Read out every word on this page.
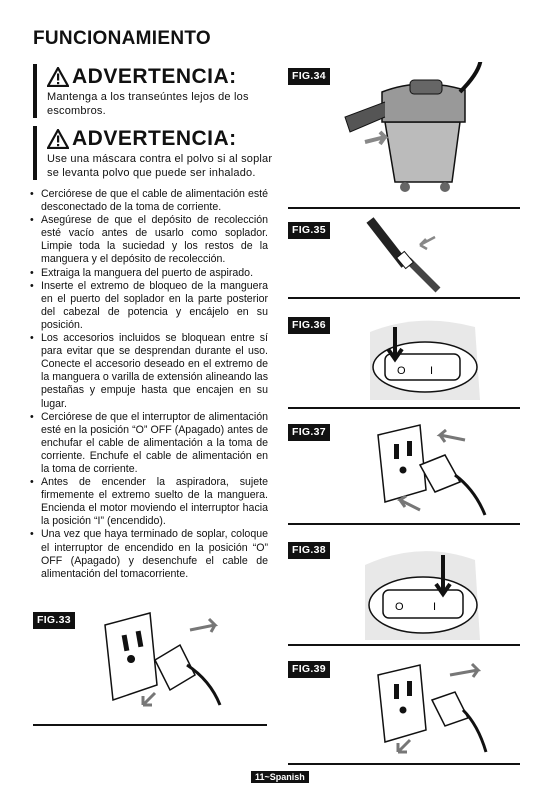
FUNCIONAMIENTO
ADVERTENCIA:
Mantenga a los transeúntes lejos de los escombros.
ADVERTENCIA:
Use una máscara contra el polvo si al soplar se levanta polvo que puede ser inhalado.
• Cerciórese de que el cable de alimentación esté desconectado de la toma de corriente.
• Asegúrese de que el depósito de recolección esté vacío antes de usarlo como soplador. Limpie toda la suciedad y los restos de la manguera y el depósito de recolección.
• Extraiga la manguera del puerto de aspirado.
• Inserte el extremo de bloqueo de la manguera en el puerto del soplador en la parte posterior del cabezal de potencia y encájelo en su posición.
• Los accesorios incluidos se bloquean entre sí para evitar que se desprendan durante el uso. Conecte el accesorio deseado en el extremo de la manguera o varilla de extensión alineando las pestañas y empuje hasta que encajen en su lugar.
• Cerciórese de que el interruptor de alimentación esté en la posición “O” OFF (Apagado) antes de enchufar el cable de alimentación a la toma de corriente. Enchufe el cable de alimentación en la toma de corriente.
• Antes de encender la aspiradora, sujete firmemente el extremo suelto de la manguera. Encienda el motor moviendo el interruptor hacia la posición “I” (encendido).
• Una vez que haya terminado de soplar, coloque el interruptor de encendido en la posición “O” OFF (Apagado) y desenchufe el cable de alimentación del tomacorriente.
FIG.33
FIG.34
FIG.35
FIG.36
O I
FIG.37
FIG.38
O	I
FIG.39
11~Spanish
